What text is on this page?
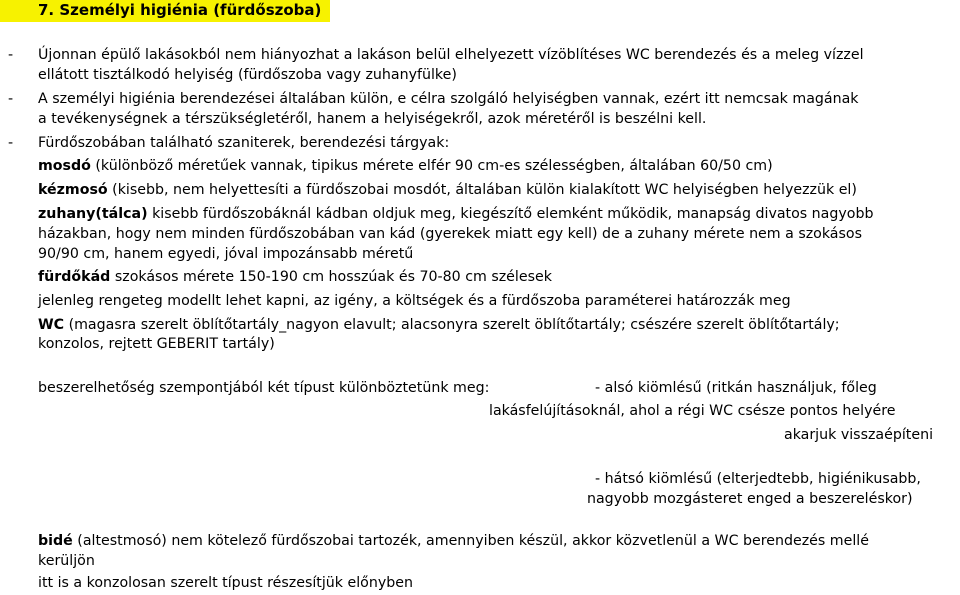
7. Személyi higiénia (fürdőszoba)
- Újonnan épülő lakásokból nem hiányozhat a lakáson belül elhelyezett vízöblítéses WC berendezés és a meleg vízzel
ellátott tisztálkodó helyiség (fürdőszoba vagy zuhanyfülke)
- A személyi higiénia berendezései általában külön, e célra szolgáló helyiségben vannak, ezért itt nemcsak magának
a tevékenységnek a térszükségletéről, hanem a helyiségekről, azok méretéről is beszélni kell.
- Fürdőszobában található szaniterek, berendezési tárgyak:
mosdó (különböző méretűek vannak, tipikus mérete elfér 90 cm-es szélességben, általában 60/50 cm)
kézmosó (kisebb, nem helyettesíti a fürdőszobai mosdót, általában külön kialakított WC helyiségben helyezzük el)
zuhany(tálca) kisebb fürdőszobáknál kádban oldjuk meg, kiegészítő elemként működik, manapság divatos nagyobb
házakban, hogy nem minden fürdőszobában van kád (gyerekek miatt egy kell) de a zuhany mérete nem a szokásos
90/90 cm, hanem egyedi, jóval impozánsabb méretű
fürdőkád szokásos mérete 150-190 cm hosszúak és 70-80 cm szélesek
jelenleg rengeteg modellt lehet kapni, az igény, a költségek és a fürdőszoba paraméterei határozzák meg
WC (magasra szerelt öblítőtartály_nagyon elavult; alacsonyra szerelt öblítőtartály; csészére szerelt öblítőtartály;
konzolos, rejtett GEBERIT tartály)
beszerelhetőség szempontjából két típust különböztetünk meg:	- alsó kiömlésű (ritkán használjuk, főleg
lakásfelújításoknál, ahol a régi WC csésze pontos helyére
akarjuk visszaépíteni
- hátsó kiömlésű (elterjedtebb, higiénikusabb,
nagyobb mozgásteret enged a beszereléskor)
bidé (altestmosó) nem kötelező fürdőszobai tartozék, amennyiben készül, akkor közvetlenül a WC berendezés mellé
kerüljön
itt is a konzolosan szerelt típust részesítjük előnyben
